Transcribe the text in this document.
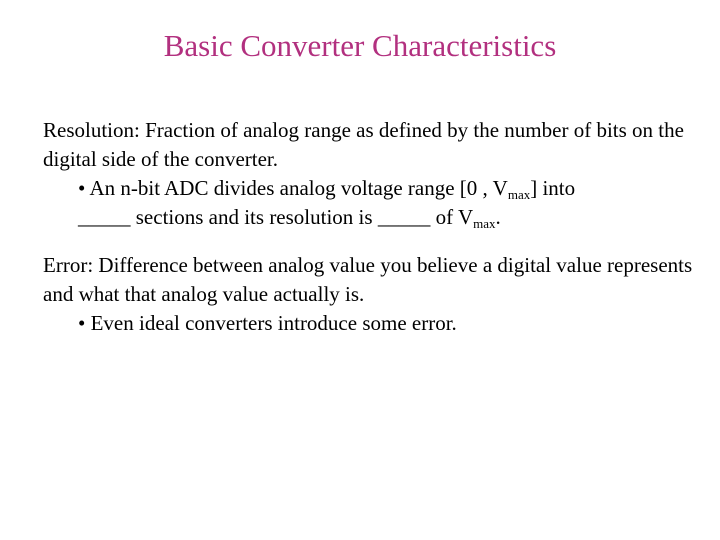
Basic Converter Characteristics

Resolution: Fraction of analog range as defined by the number of bits on the digital side of the converter.

• An n-bit ADC divides analog voltage range [0 , $V_{max}$] into
_____ sections and its resolution is _____ of $V_{max}$.

Error: Difference between analog value you believe a digital value represents and what that analog value actually is.

• Even ideal converters introduce some error.
